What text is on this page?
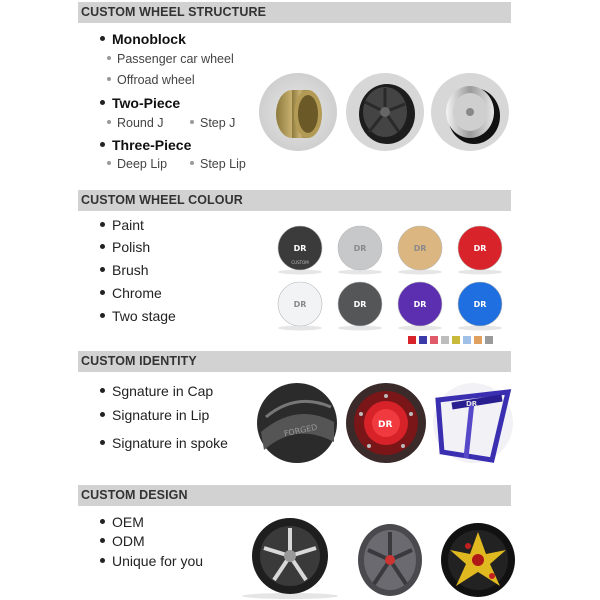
CUSTOM WHEEL STRUCTURE
Monoblock
Passenger car wheel
Offroad wheel
Two-Piece
Round J	Step J
Three-Piece
Deep Lip	Step Lip
CUSTOM WHEEL COLOUR
Paint
Polish
Brush
Chrome
Two stage
DR
CUSTOM
DR	DR	DR
DR	DR	DR	DR
CUSTOM IDENTITY
Sgnature in Cap
Signature in Lip
Signature in spoke
FORGED	DR
DR
CUSTOM DESIGN
OEM
ODM
Unique for you
